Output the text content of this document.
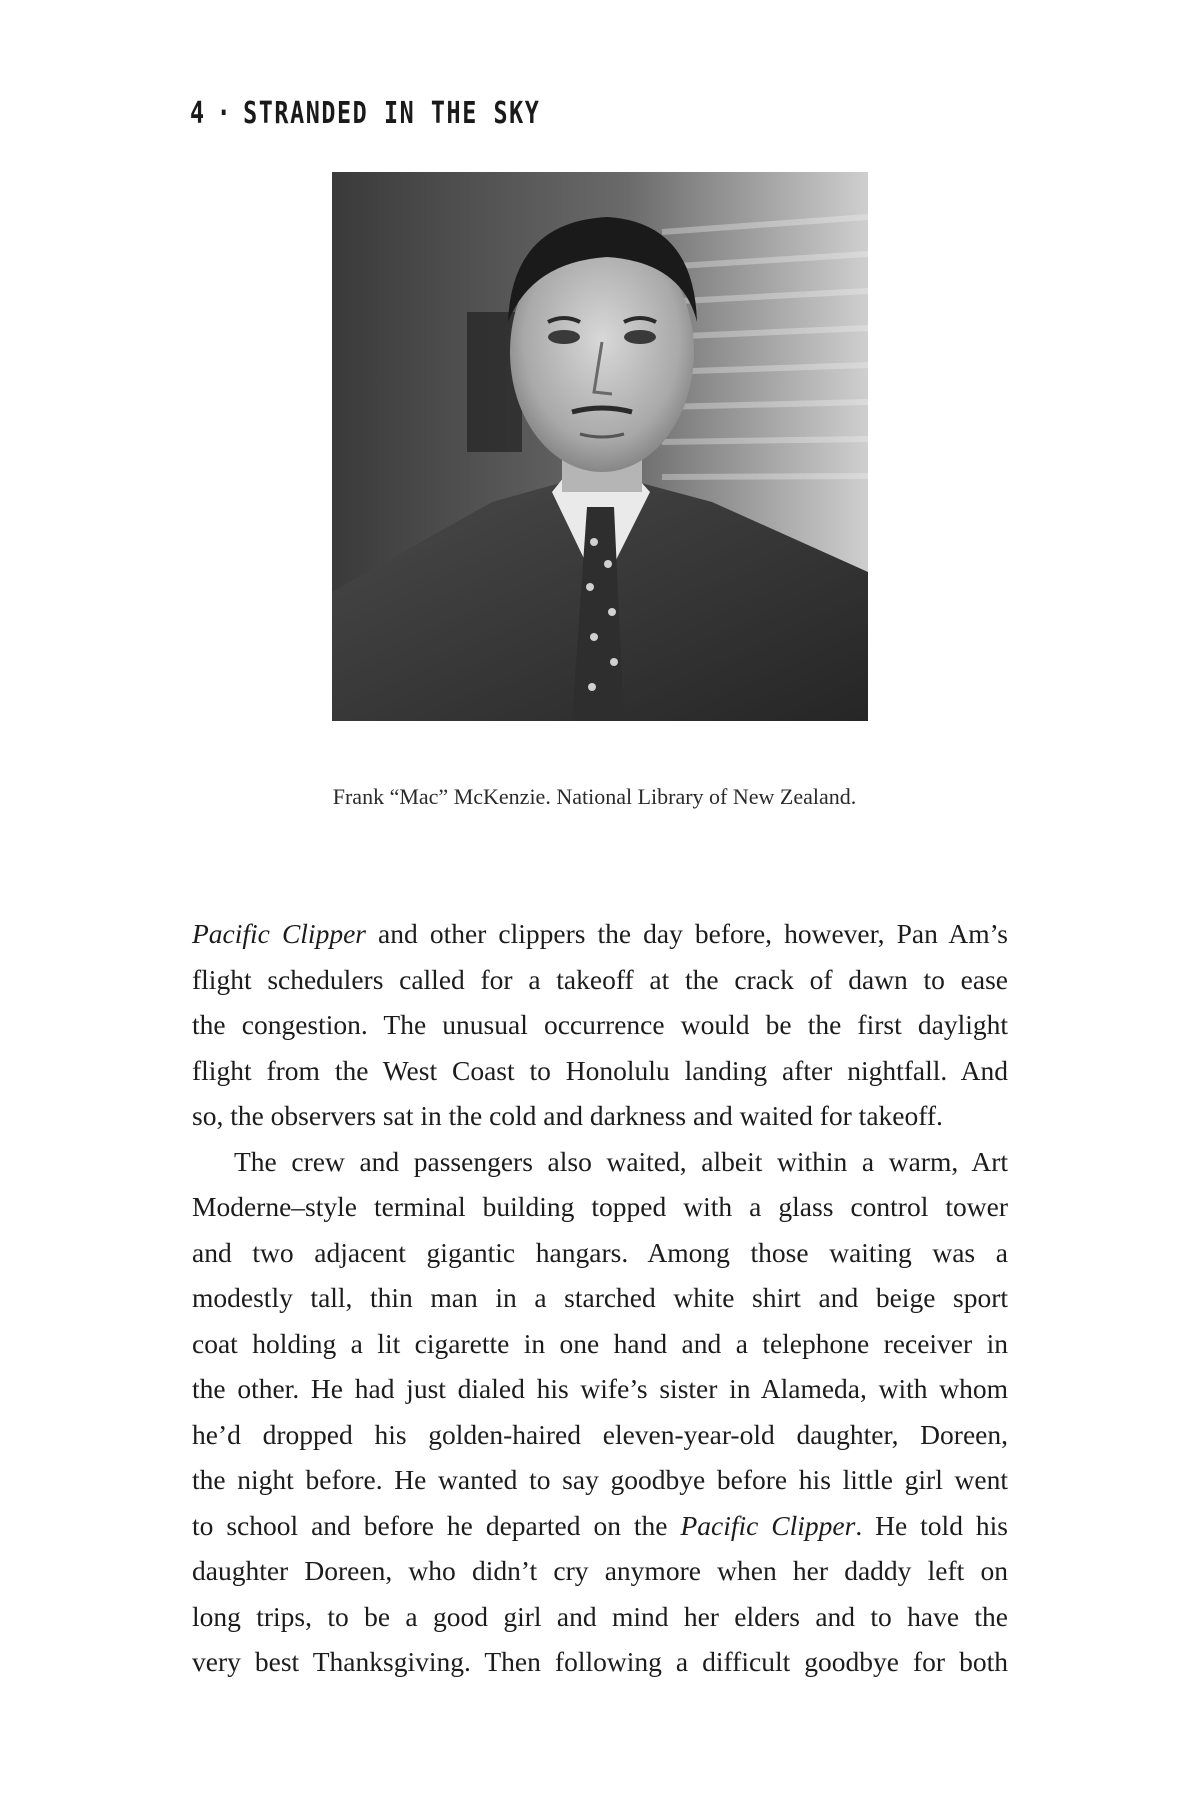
4 · STRANDED IN THE SKY
Frank “Mac” McKenzie. National Library of New Zealand.
Pacific Clipper and other clippers the day before, however, Pan Am’s
flight schedulers called for a takeoff at the crack of dawn to ease
the congestion. The unusual occurrence would be the first daylight
flight from the West Coast to Honolulu landing after nightfall. And
so, the observers sat in the cold and darkness and waited for takeoff.
The crew and passengers also waited, albeit within a warm, Art
Moderne–style terminal building topped with a glass control tower
and two adjacent gigantic hangars. Among those waiting was a
modestly tall, thin man in a starched white shirt and beige sport
coat holding a lit cigarette in one hand and a telephone receiver in
the other. He had just dialed his wife’s sister in Alameda, with whom
he’d dropped his golden-haired eleven-year-old daughter, Doreen,
the night before. He wanted to say goodbye before his little girl went
to school and before he departed on the Pacific Clipper. He told his
daughter Doreen, who didn’t cry anymore when her daddy left on
long trips, to be a good girl and mind her elders and to have the
very best Thanksgiving. Then following a difficult goodbye for both
